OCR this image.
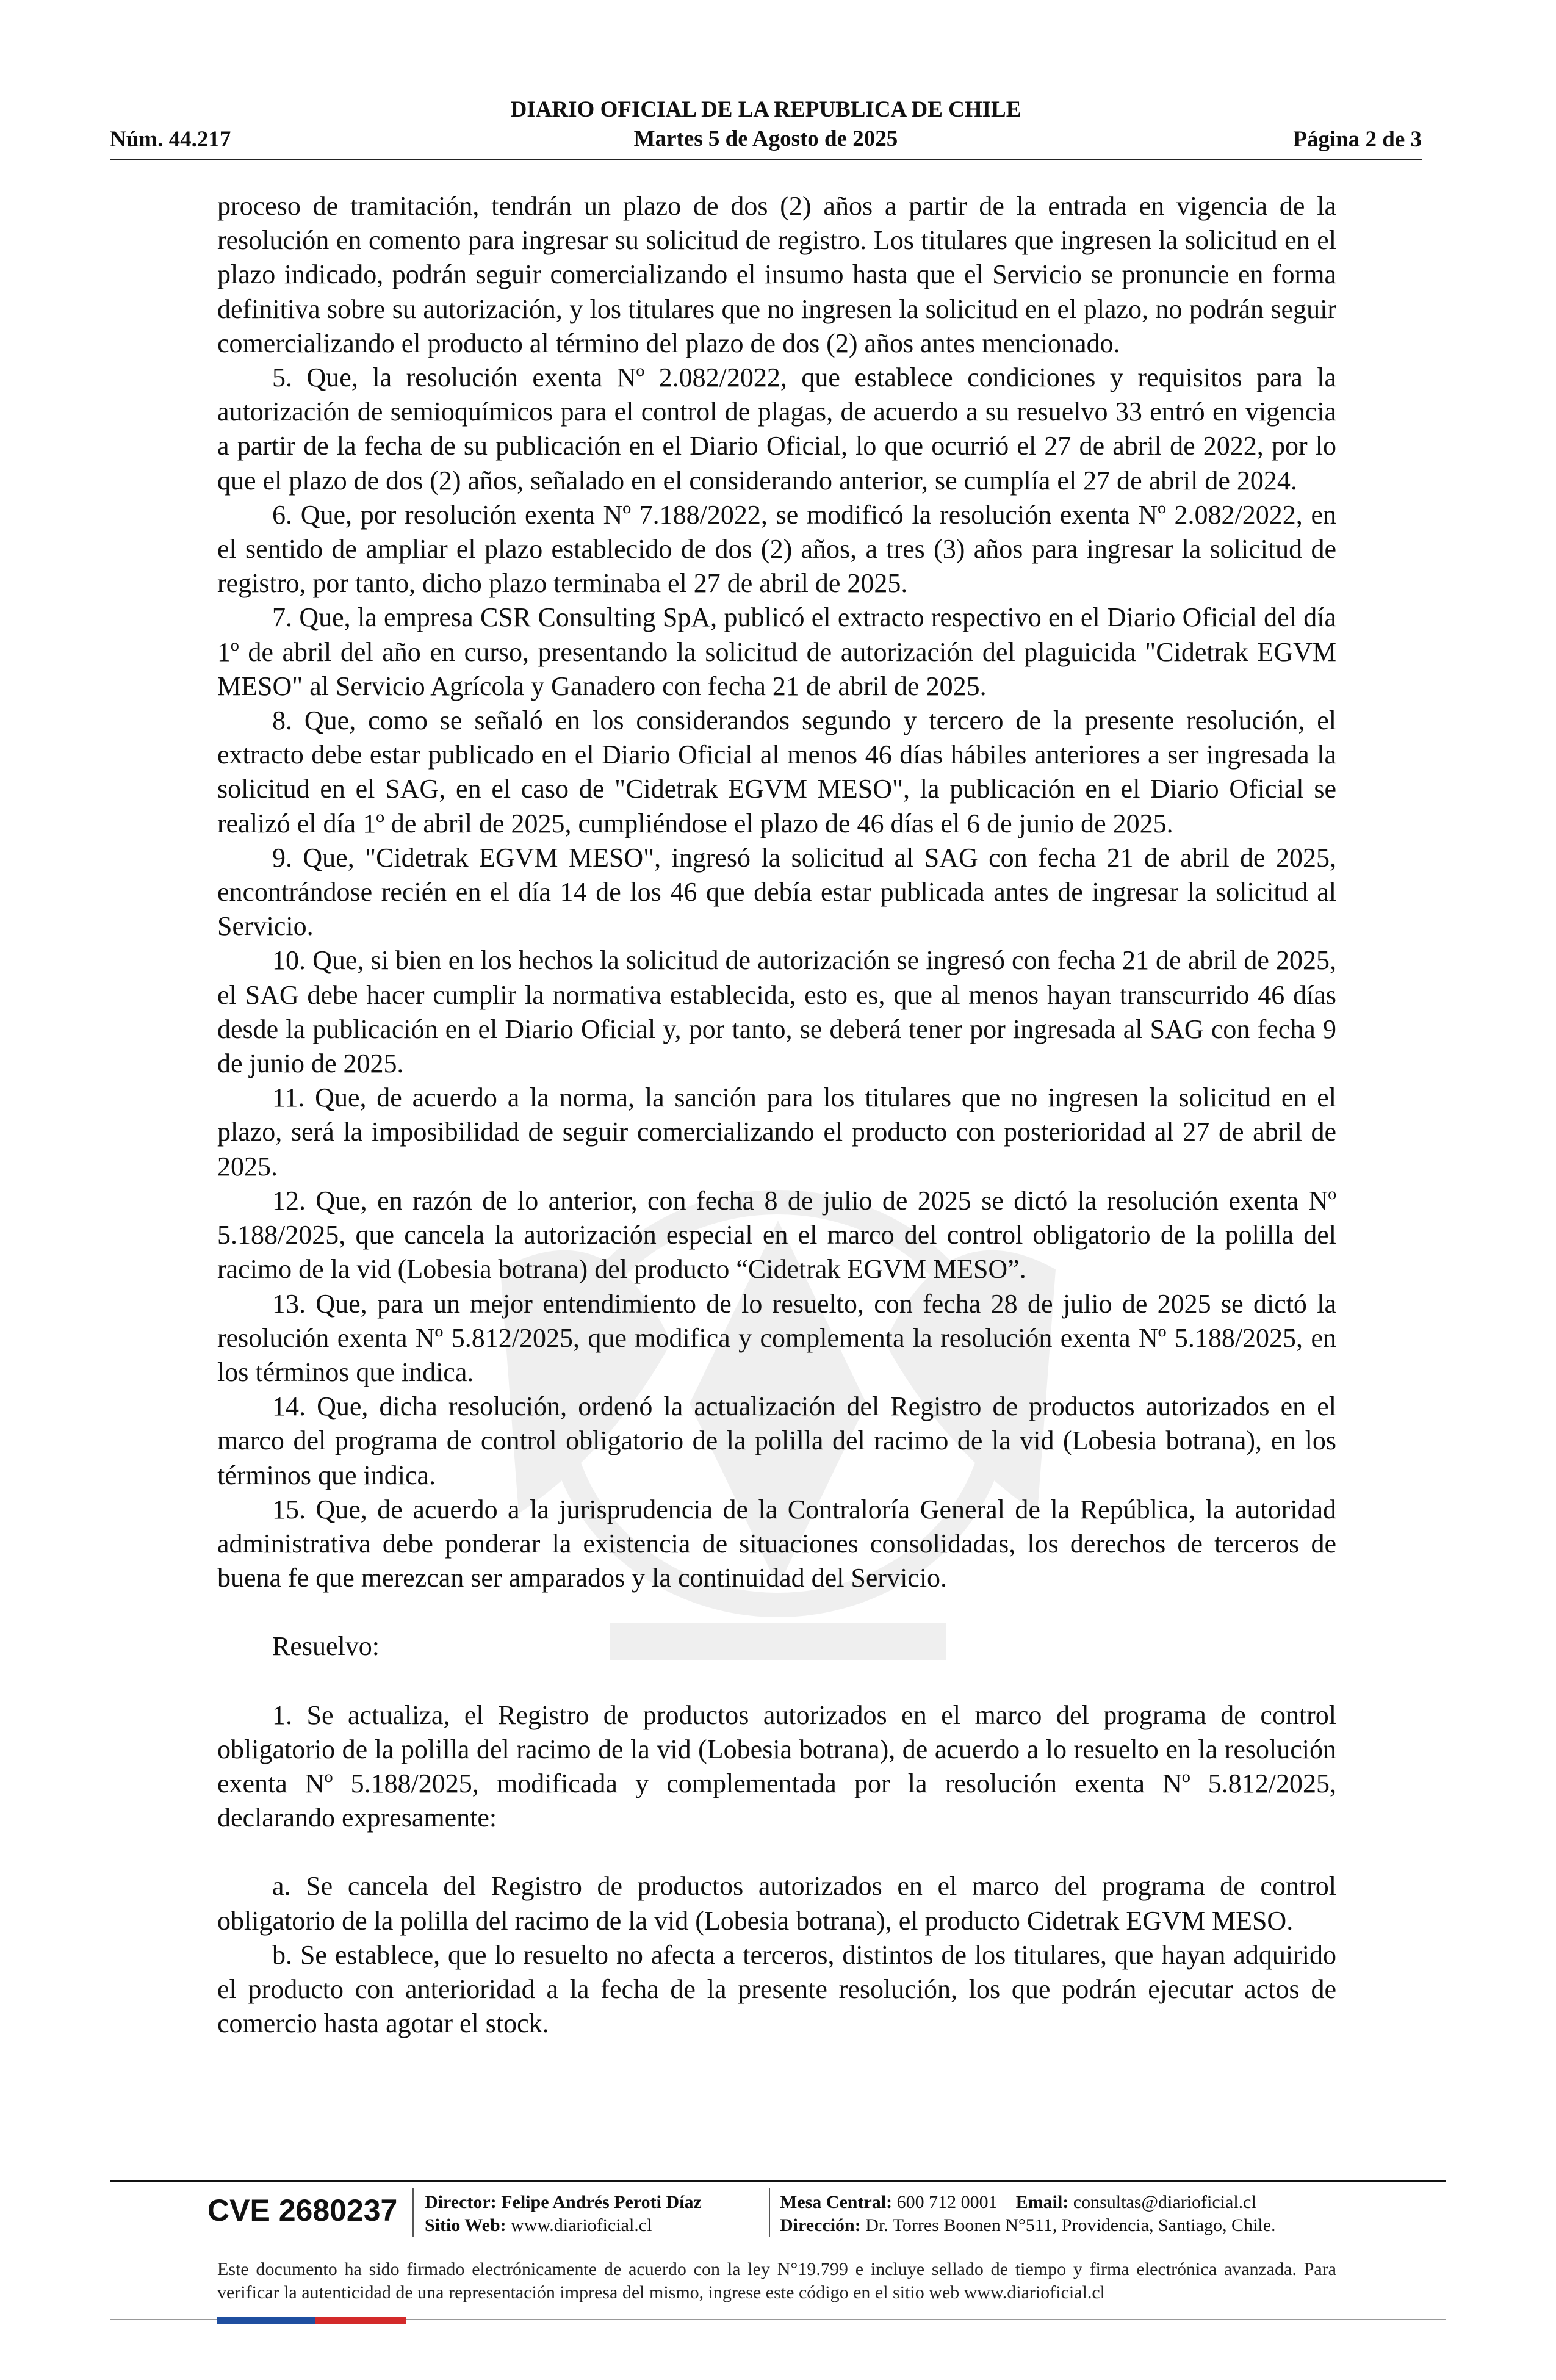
DIARIO OFICIAL DE LA REPUBLICA DE CHILE
Martes 5 de Agosto de 2025
Núm. 44.217	Página 2 de 3

proceso de tramitación, tendrán un plazo de dos (2) años a partir de la entrada en vigencia de la resolución en comento para ingresar su solicitud de registro. Los titulares que ingresen la solicitud en el plazo indicado, podrán seguir comercializando el insumo hasta que el Servicio se pronuncie en forma definitiva sobre su autorización, y los titulares que no ingresen la solicitud en el plazo, no podrán seguir comercializando el producto al término del plazo de dos (2) años antes mencionado.

5. Que, la resolución exenta Nº 2.082/2022, que establece condiciones y requisitos para la autorización de semioquímicos para el control de plagas, de acuerdo a su resuelvo 33 entró en vigencia a partir de la fecha de su publicación en el Diario Oficial, lo que ocurrió el 27 de abril de 2022, por lo que el plazo de dos (2) años, señalado en el considerando anterior, se cumplía el 27 de abril de 2024.

6. Que, por resolución exenta Nº 7.188/2022, se modificó la resolución exenta Nº 2.082/2022, en el sentido de ampliar el plazo establecido de dos (2) años, a tres (3) años para ingresar la solicitud de registro, por tanto, dicho plazo terminaba el 27 de abril de 2025.

7. Que, la empresa CSR Consulting SpA, publicó el extracto respectivo en el Diario Oficial del día 1º de abril del año en curso, presentando la solicitud de autorización del plaguicida "Cidetrak EGVM MESO" al Servicio Agrícola y Ganadero con fecha 21 de abril de 2025.

8. Que, como se señaló en los considerandos segundo y tercero de la presente resolución, el extracto debe estar publicado en el Diario Oficial al menos 46 días hábiles anteriores a ser ingresada la solicitud en el SAG, en el caso de "Cidetrak EGVM MESO", la publicación en el Diario Oficial se realizó el día 1º de abril de 2025, cumpliéndose el plazo de 46 días el 6 de junio de 2025.

9. Que, "Cidetrak EGVM MESO", ingresó la solicitud al SAG con fecha 21 de abril de 2025, encontrándose recién en el día 14 de los 46 que debía estar publicada antes de ingresar la solicitud al Servicio.

10. Que, si bien en los hechos la solicitud de autorización se ingresó con fecha 21 de abril de 2025, el SAG debe hacer cumplir la normativa establecida, esto es, que al menos hayan transcurrido 46 días desde la publicación en el Diario Oficial y, por tanto, se deberá tener por ingresada al SAG con fecha 9 de junio de 2025.

11. Que, de acuerdo a la norma, la sanción para los titulares que no ingresen la solicitud en el plazo, será la imposibilidad de seguir comercializando el producto con posterioridad al 27 de abril de 2025.

12. Que, en razón de lo anterior, con fecha 8 de julio de 2025 se dictó la resolución exenta Nº 5.188/2025, que cancela la autorización especial en el marco del control obligatorio de la polilla del racimo de la vid (Lobesia botrana) del producto “Cidetrak EGVM MESO”.

13. Que, para un mejor entendimiento de lo resuelto, con fecha 28 de julio de 2025 se dictó la resolución exenta Nº 5.812/2025, que modifica y complementa la resolución exenta Nº 5.188/2025, en los términos que indica.

14. Que, dicha resolución, ordenó la actualización del Registro de productos autorizados en el marco del programa de control obligatorio de la polilla del racimo de la vid (Lobesia botrana), en los términos que indica.

15. Que, de acuerdo a la jurisprudencia de la Contraloría General de la República, la autoridad administrativa debe ponderar la existencia de situaciones consolidadas, los derechos de terceros de buena fe que merezcan ser amparados y la continuidad del Servicio.

Resuelvo:

1. Se actualiza, el Registro de productos autorizados en el marco del programa de control obligatorio de la polilla del racimo de la vid (Lobesia botrana), de acuerdo a lo resuelto en la resolución exenta Nº 5.188/2025, modificada y complementada por la resolución exenta Nº 5.812/2025, declarando expresamente:

a. Se cancela del Registro de productos autorizados en el marco del programa de control obligatorio de la polilla del racimo de la vid (Lobesia botrana), el producto Cidetrak EGVM MESO.

b. Se establece, que lo resuelto no afecta a terceros, distintos de los titulares, que hayan adquirido el producto con anterioridad a la fecha de la presente resolución, los que podrán ejecutar actos de comercio hasta agotar el stock.

CVE 2680237 Director: Felipe Andrés Peroti Díaz
Sitio Web: www.diarioficial.cl
Mesa Central: 600 712 0001 Email: consultas@diarioficial.cl
Dirección: Dr. Torres Boonen N°511, Providencia, Santiago, Chile.
Este documento ha sido firmado electrónicamente de acuerdo con la ley N°19.799 e incluye sellado de tiempo y firma electrónica avanzada. Para verificar la autenticidad de una representación impresa del mismo, ingrese este código en el sitio web www.diarioficial.cl
